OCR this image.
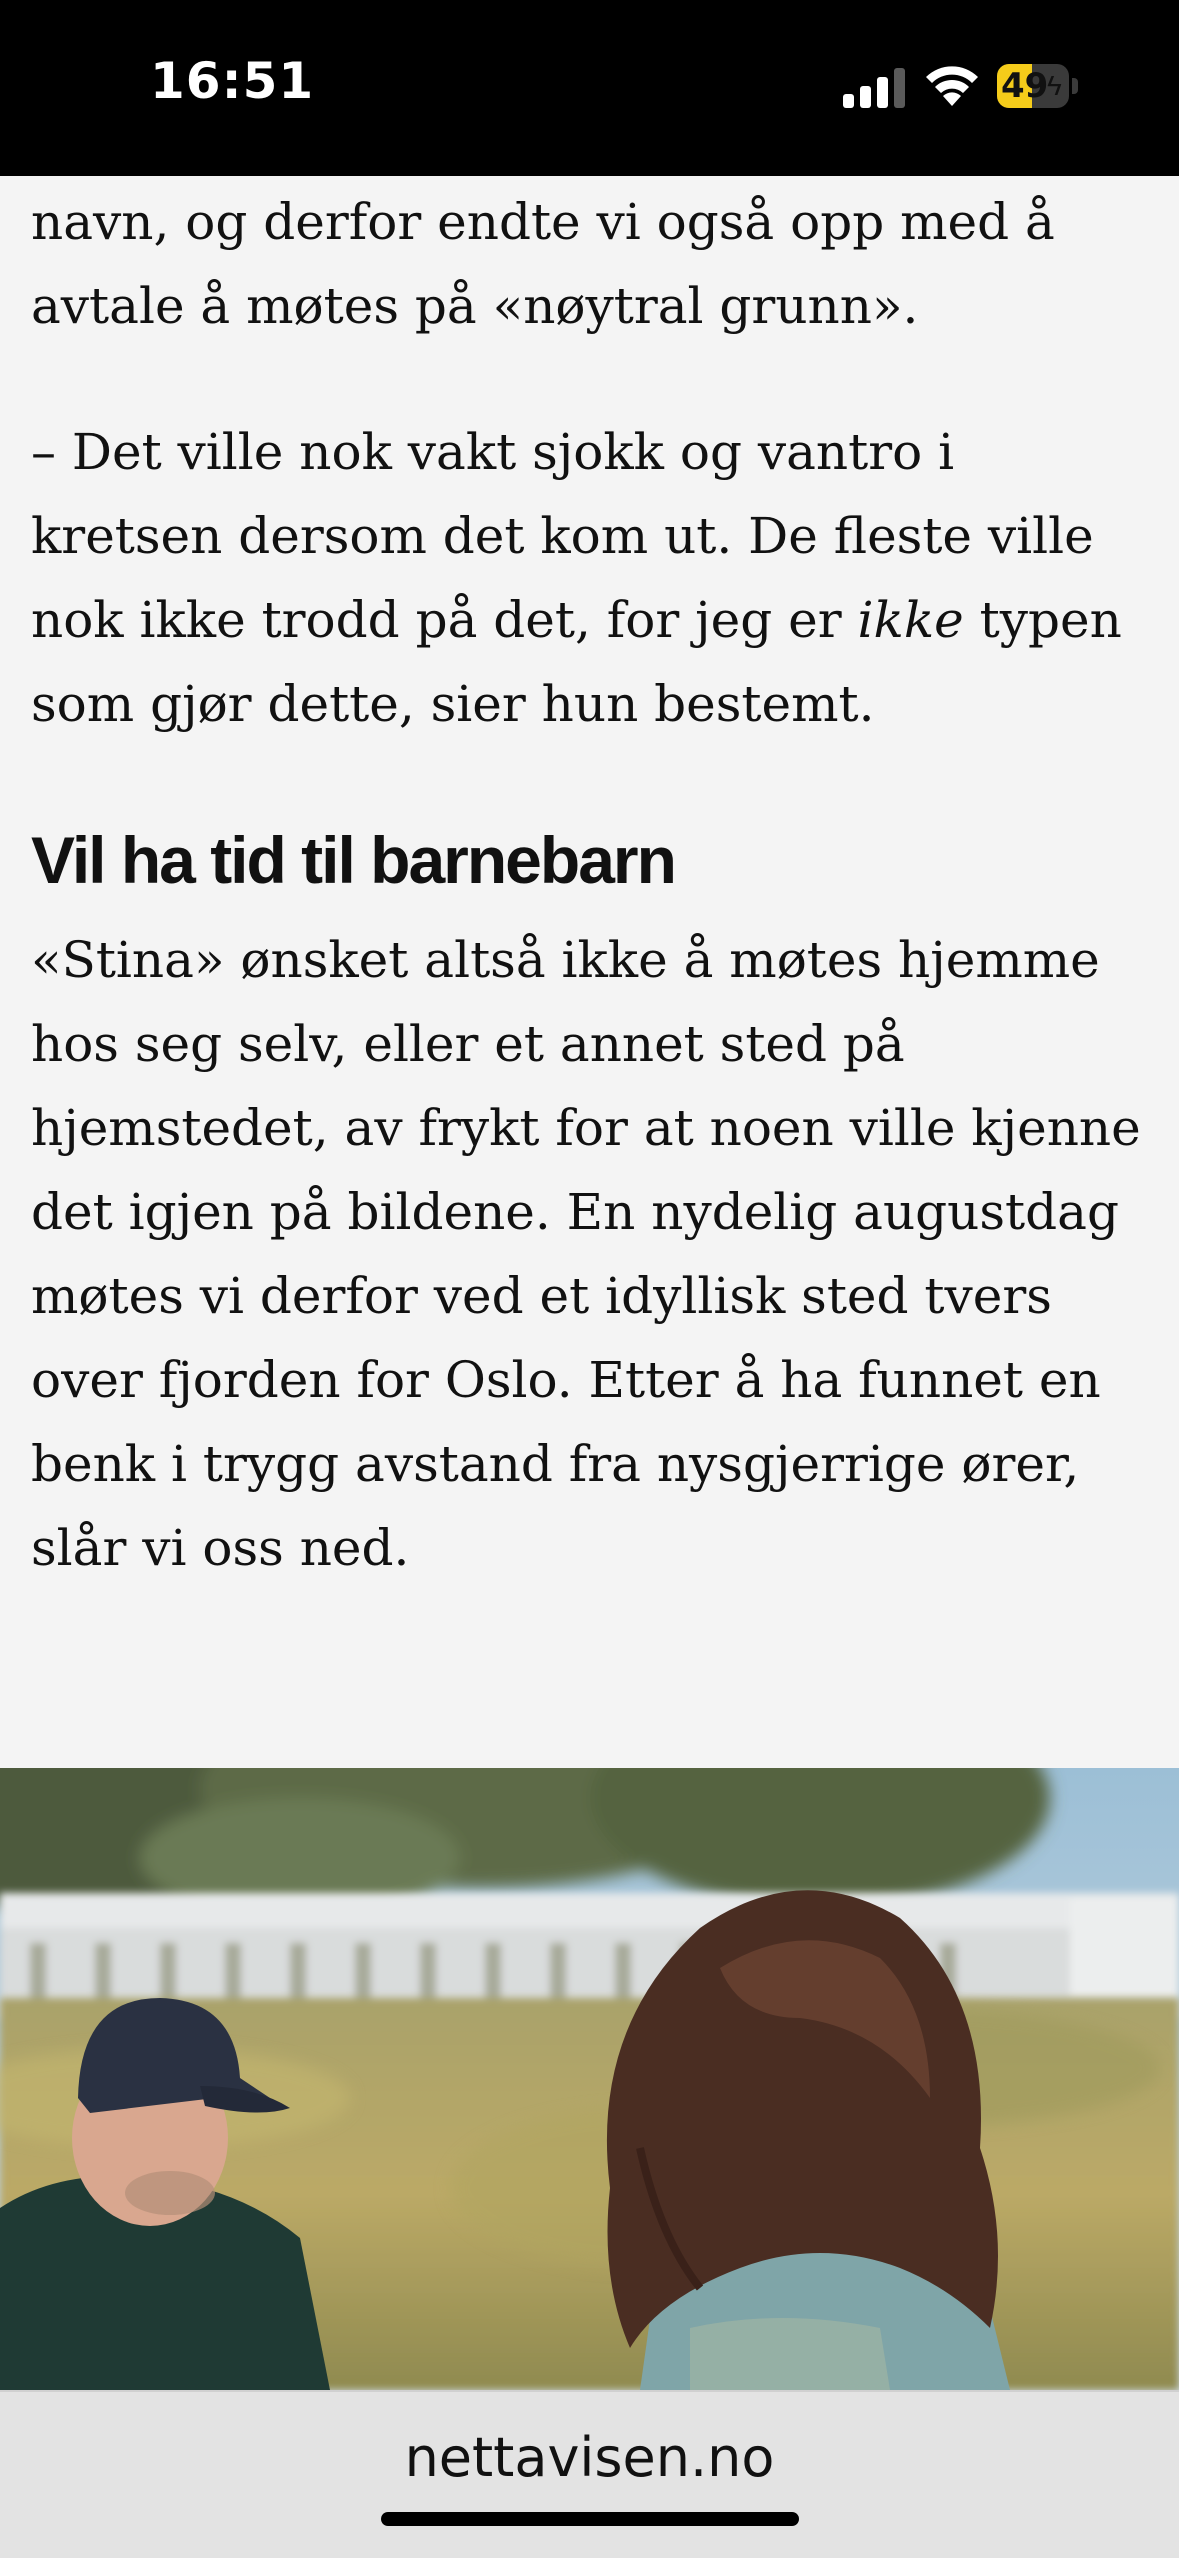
16:51	49
ϟ

navn, og derfor endte vi også opp med å avtale å møtes på «nøytral grunn».

– Det ville nok vakt sjokk og vantro i kretsen dersom det kom ut. De fleste ville nok ikke trodd på det, for jeg er ikke typen som gjør dette, sier hun bestemt.

Vil ha tid til barnebarn

«Stina» ønsket altså ikke å møtes hjemme hos seg selv, eller et annet sted på hjemstedet, av frykt for at noen ville kjenne det igjen på bildene. En nydelig augustdag møtes vi derfor ved et idyllisk sted tvers over fjorden for Oslo. Etter å ha funnet en benk i trygg avstand fra nysgjerrige ører, slår vi oss ned.

nettavisen.no
